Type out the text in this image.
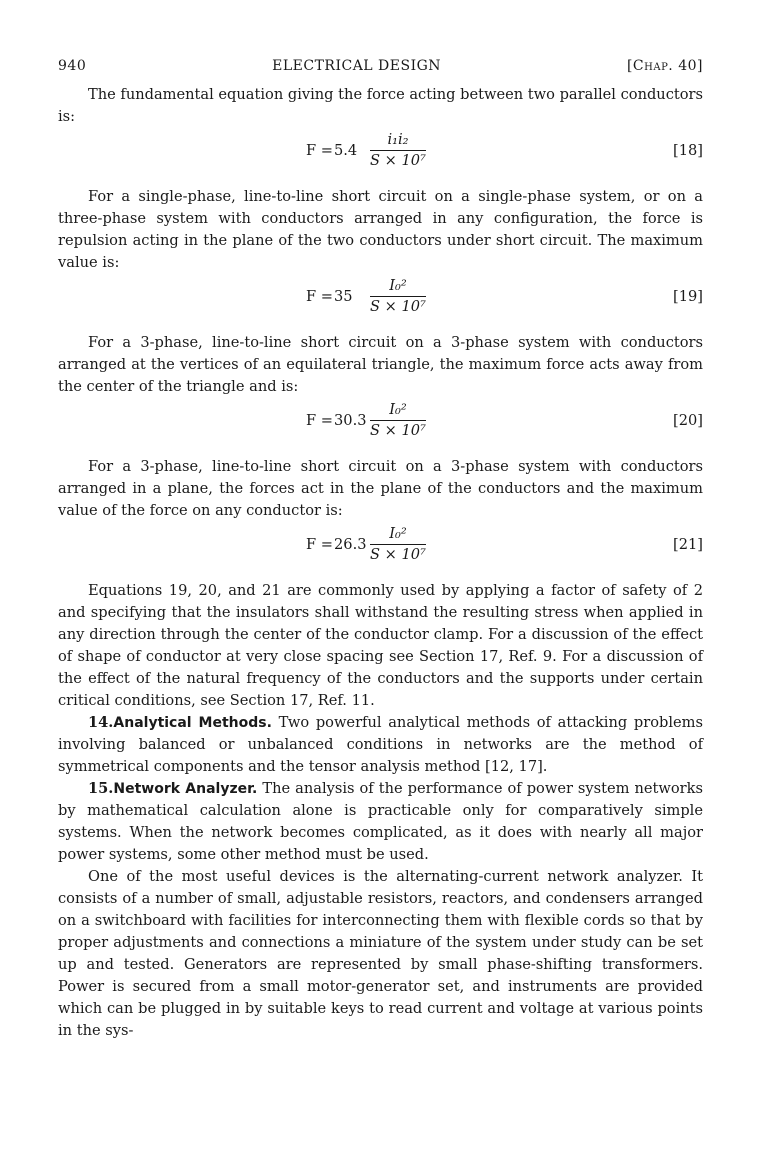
940	ELECTRICAL DESIGN	[Chap. 40]

The fundamental equation giving the force acting between two parallel conductors is:

$F = 5.4 \frac{\text{i₁i₂}}{\text{S × 10⁷}}$	[18]

For a single-phase, line-to-line short circuit on a single-phase system, or on a three-phase system with conductors arranged in any configuration, the force is repulsion acting in the plane of the two conductors under short circuit. The maximum value is:

$F = 35 \frac{\text{I₀²}}{\text{S × 10⁷}}$	[19]

For a 3-phase, line-to-line short circuit on a 3-phase system with conductors arranged at the vertices of an equilateral triangle, the maximum force acts away from the center of the triangle and is:

$F = 30.3 \frac{\text{I₀²}}{\text{S × 10⁷}}$	[20]

For a 3-phase, line-to-line short circuit on a 3-phase system with conductors arranged in a plane, the forces act in the plane of the conductors and the maximum value of the force on any conductor is:

$F = 26.3 \frac{\text{I₀²}}{\text{S × 10⁷}}$	[21]

Equations 19, 20, and 21 are commonly used by applying a factor of safety of 2 and specifying that the insulators shall withstand the resulting stress when applied in any direction through the center of the conductor clamp. For a discussion of the effect of shape of conductor at very close spacing see Section 17, Ref. 9. For a discussion of the effect of the natural frequency of the conductors and the supports under certain critical conditions, see Section 17, Ref. 11.

14.Analytical Methods. Two powerful analytical methods of attacking problems involving balanced or unbalanced conditions in networks are the method of symmetrical components and the tensor analysis method [12, 17].

15.Network Analyzer. The analysis of the performance of power system networks by mathematical calculation alone is practicable only for comparatively simple systems. When the network becomes complicated, as it does with nearly all major power systems, some other method must be used.

One of the most useful devices is the alternating-current network analyzer. It consists of a number of small, adjustable resistors, reactors, and condensers arranged on a switchboard with facilities for interconnecting them with flexible cords so that by proper adjustments and connections a miniature of the system under study can be set up and tested. Generators are represented by small phase-shifting transformers. Power is secured from a small motor-generator set, and instruments are provided which can be plugged in by suitable keys to read current and voltage at various points in the sys-
